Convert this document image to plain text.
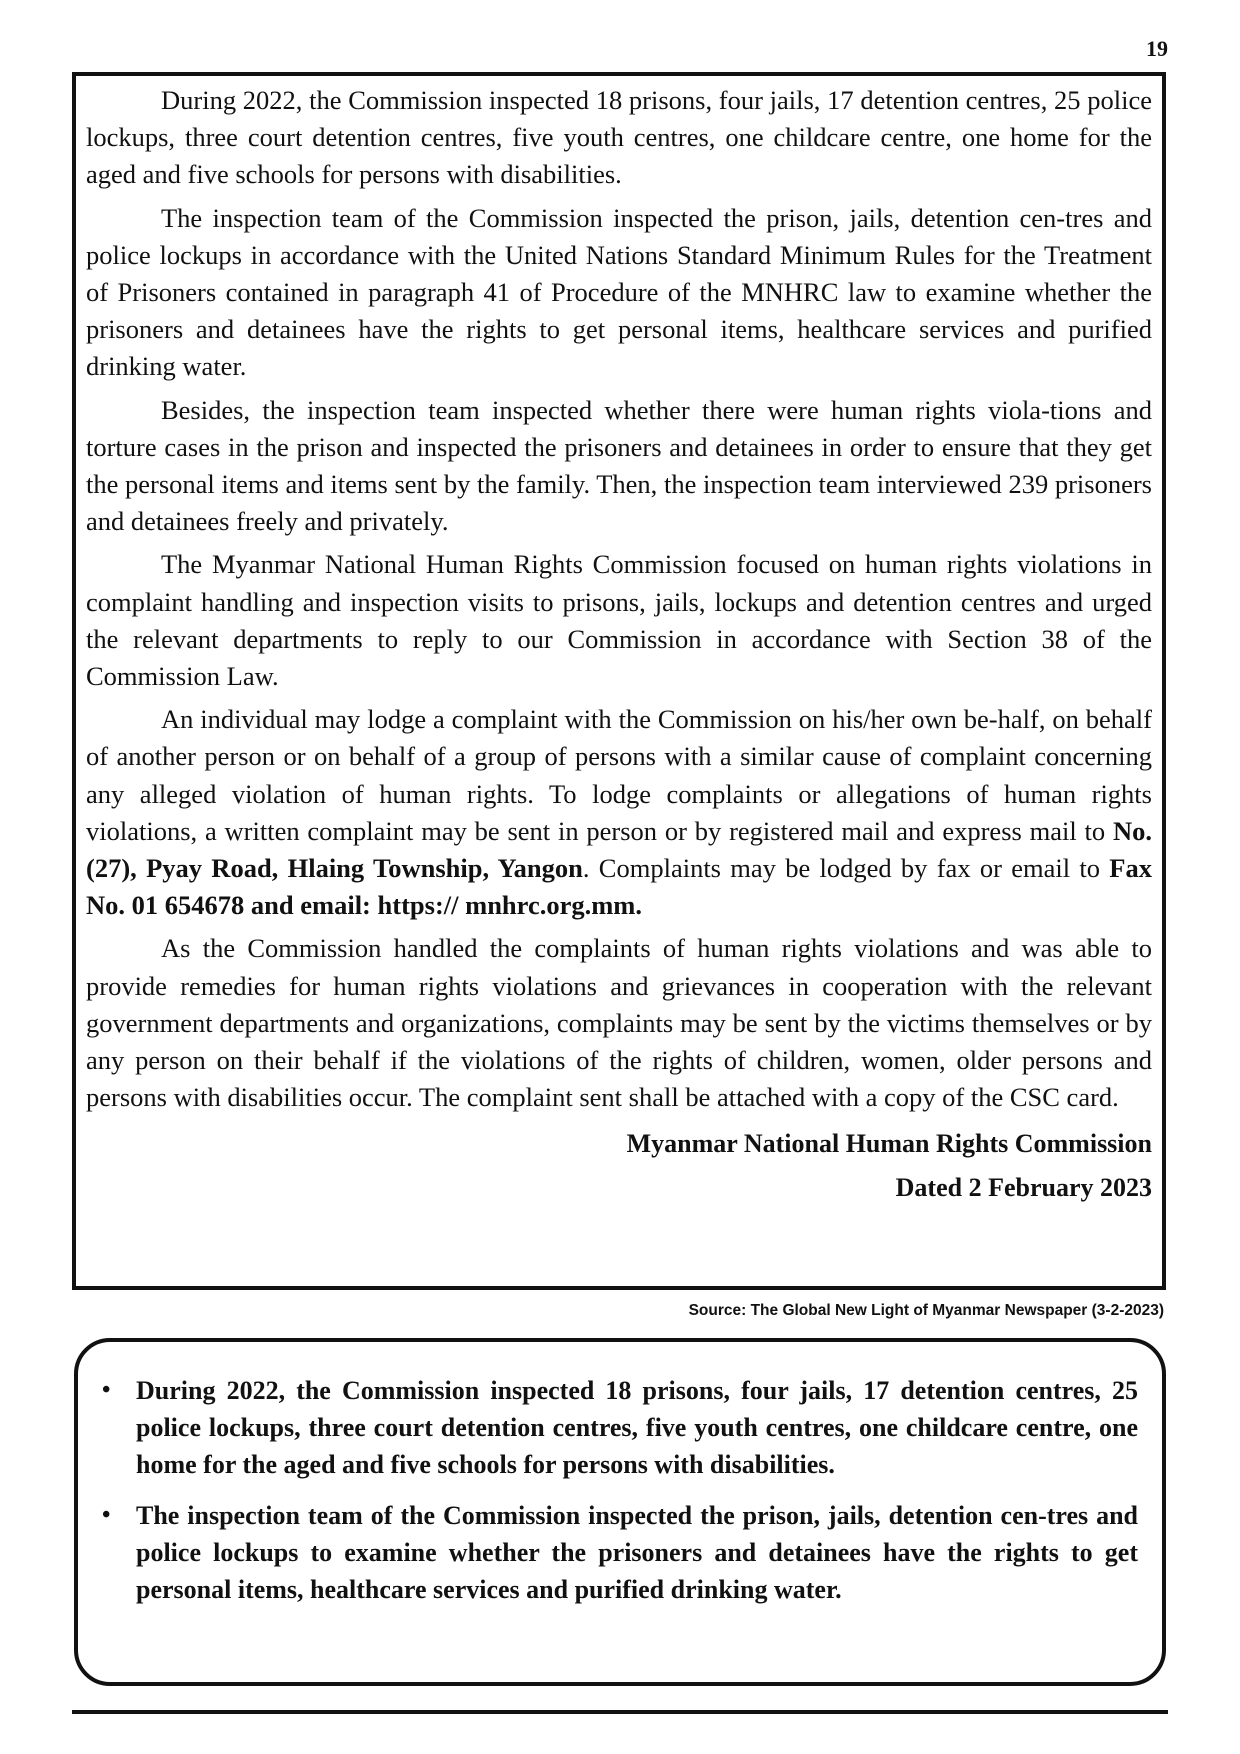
19

During 2022, the Commission inspected 18 prisons, four jails, 17 detention centres, 25 police lockups, three court detention centres, five youth centres, one childcare centre, one home for the aged and five schools for persons with disabilities.

The inspection team of the Commission inspected the prison, jails, detention cen-tres and police lockups in accordance with the United Nations Standard Minimum Rules for the Treatment of Prisoners contained in paragraph 41 of Procedure of the MNHRC law to examine whether the prisoners and detainees have the rights to get personal items, healthcare services and purified drinking water.

Besides, the inspection team inspected whether there were human rights viola-tions and torture cases in the prison and inspected the prisoners and detainees in order to ensure that they get the personal items and items sent by the family. Then, the inspection team interviewed 239 prisoners and detainees freely and privately.

The Myanmar National Human Rights Commission focused on human rights violations in complaint handling and inspection visits to prisons, jails, lockups and detention centres and urged the relevant departments to reply to our Commission in accordance with Section 38 of the Commission Law.

An individual may lodge a complaint with the Commission on his/her own be-half, on behalf of another person or on behalf of a group of persons with a similar cause of complaint concerning any alleged violation of human rights. To lodge complaints or allegations of human rights violations, a written complaint may be sent in person or by registered mail and express mail to No. (27), Pyay Road, Hlaing Township, Yangon. Complaints may be lodged by fax or email to Fax No. 01 654678 and email: https:// mnhrc.org.mm.

As the Commission handled the complaints of human rights violations and was able to provide remedies for human rights violations and grievances in cooperation with the relevant government departments and organizations, complaints may be sent by the victims themselves or by any person on their behalf if the violations of the rights of children, women, older persons and persons with disabilities occur. The complaint sent shall be attached with a copy of the CSC card.

Myanmar National Human Rights Commission
Dated 2 February 2023
Source: The Global New Light of Myanmar Newspaper (3-2-2023)
• During 2022, the Commission inspected 18 prisons, four jails, 17 detention centres, 25 police lockups, three court detention centres, five youth centres, one childcare centre, one home for the aged and five schools for persons with disabilities.
• The inspection team of the Commission inspected the prison, jails, detention cen-tres and police lockups to examine whether the prisoners and detainees have the rights to get personal items, healthcare services and purified drinking water.
